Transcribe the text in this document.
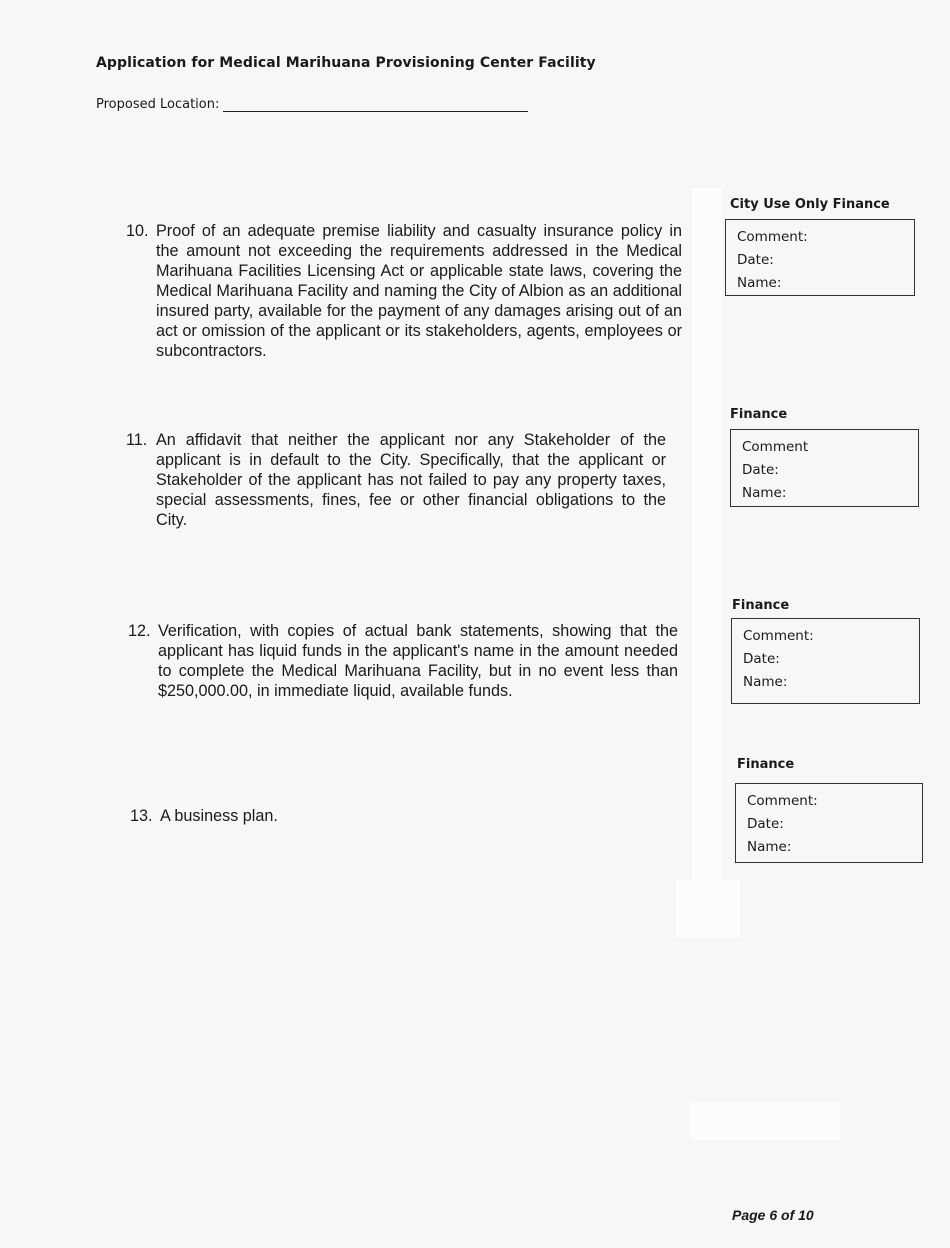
Application for Medical Marihuana Provisioning Center Facility
Proposed Location:
10. Proof of an adequate premise liability and casualty insurance policy in the amount not exceeding the requirements addressed in the Medical Marihuana Facilities Licensing Act or applicable state laws, covering the Medical Marihuana Facility and naming the City of Albion as an additional insured party, available for the payment of any damages arising out of an act or omission of the applicant or its stakeholders, agents, employees or subcontractors.
City Use Only Finance
Comment:
Date:
Name:
11. An affidavit that neither the applicant nor any Stakeholder of the applicant is in default to the City. Specifically, that the applicant or Stakeholder of the applicant has not failed to pay any property taxes, special assessments, fines, fee or other financial obligations to the City.
Finance
Comment
Date:
Name:
12. Verification, with copies of actual bank statements, showing that the applicant has liquid funds in the applicant's name in the amount needed to complete the Medical Marihuana Facility, but in no event less than $250,000.00, in immediate liquid, available funds.
Finance
Comment:
Date:
Name:
13. A business plan.
Finance
Comment:
Date:
Name:
Page 6 of 10
